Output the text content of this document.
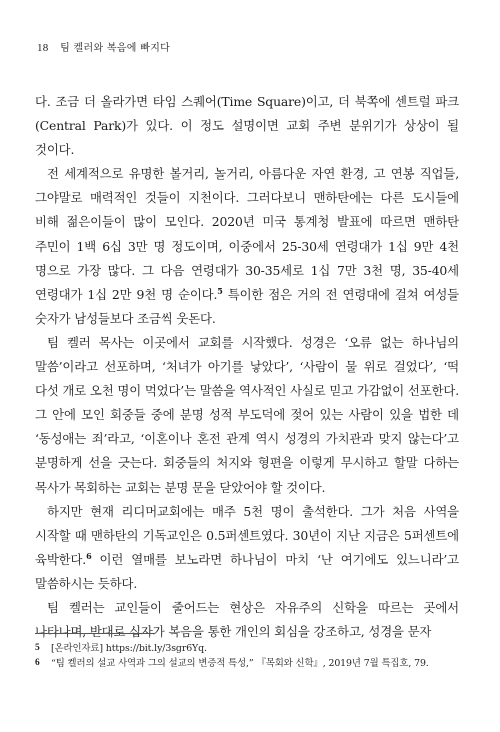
18 팀 켈러와 복음에 빠지다

다. 조금 더 올라가면 타임 스퀘어(Time Square)이고, 더 북쪽에 센트럴 파크(Central Park)가 있다. 이 정도 설명이면 교회 주변 분위기가 상상이 될 것이다.

전 세계적으로 유명한 볼거리, 놀거리, 아름다운 자연 환경, 고 연봉 직업들, 그야말로 매력적인 것들이 지천이다. 그러다보니 맨하탄에는 다른 도시들에 비해 젊은이들이 많이 모인다. 2020년 미국 통계청 발표에 따르면 맨하탄 주민이 1백 6십 3만 명 정도이며, 이중에서 25-30세 연령대가 1십 9만 4천 명으로 가장 많다. 그 다음 연령대가 30-35세로 1십 7만 3천 명, 35-40세 연령대가 1십 2만 9천 명 순이다.$^5$ 특이한 점은 거의 전 연령대에 걸쳐 여성들 숫자가 남성들보다 조금씩 웃돈다.

팀 켈러 목사는 이곳에서 교회를 시작했다. 성경은 ‘오류 없는 하나님의 말씀’이라고 선포하며, ‘처녀가 아기를 낳았다’, ‘사람이 물 위로 걸었다’, ‘떡 다섯 개로 오천 명이 먹었다’는 말씀을 역사적인 사실로 믿고 가감없이 선포한다. 그 안에 모인 회중들 중에 분명 성적 부도덕에 젖어 있는 사람이 있을 법한 데 ‘동성애는 죄’라고, ‘이혼이나 혼전 관계 역시 성경의 가치관과 맞지 않는다’고 분명하게 선을 긋는다. 회중들의 처지와 형편을 이렇게 무시하고 할말 다하는 목사가 목회하는 교회는 분명 문을 닫았어야 할 것이다.

하지만 현재 리디머교회에는 매주 5천 명이 출석한다. 그가 처음 사역을 시작할 때 맨하탄의 기독교인은 0.5퍼센트였다. 30년이 지난 지금은 5퍼센트에 육박한다.$^6$ 이런 열매를 보노라면 하나님이 마치 ‘난 여기에도 있느니라’고 말씀하시는 듯하다.

팀 켈러는 교인들이 줄어드는 현상은 자유주의 신학을 따르는 곳에서 나타나며, 반대로 십자가 복음을 통한 개인의 회심을 강조하고, 성경을 문자

5	[온라인자료] https://bit.ly/3sgr6Yq.

6	“팀 켈러의 설교 사역과 그의 설교의 변증적 특성,” 『목회와 신학』, 2019년 7월 특집호, 79.
